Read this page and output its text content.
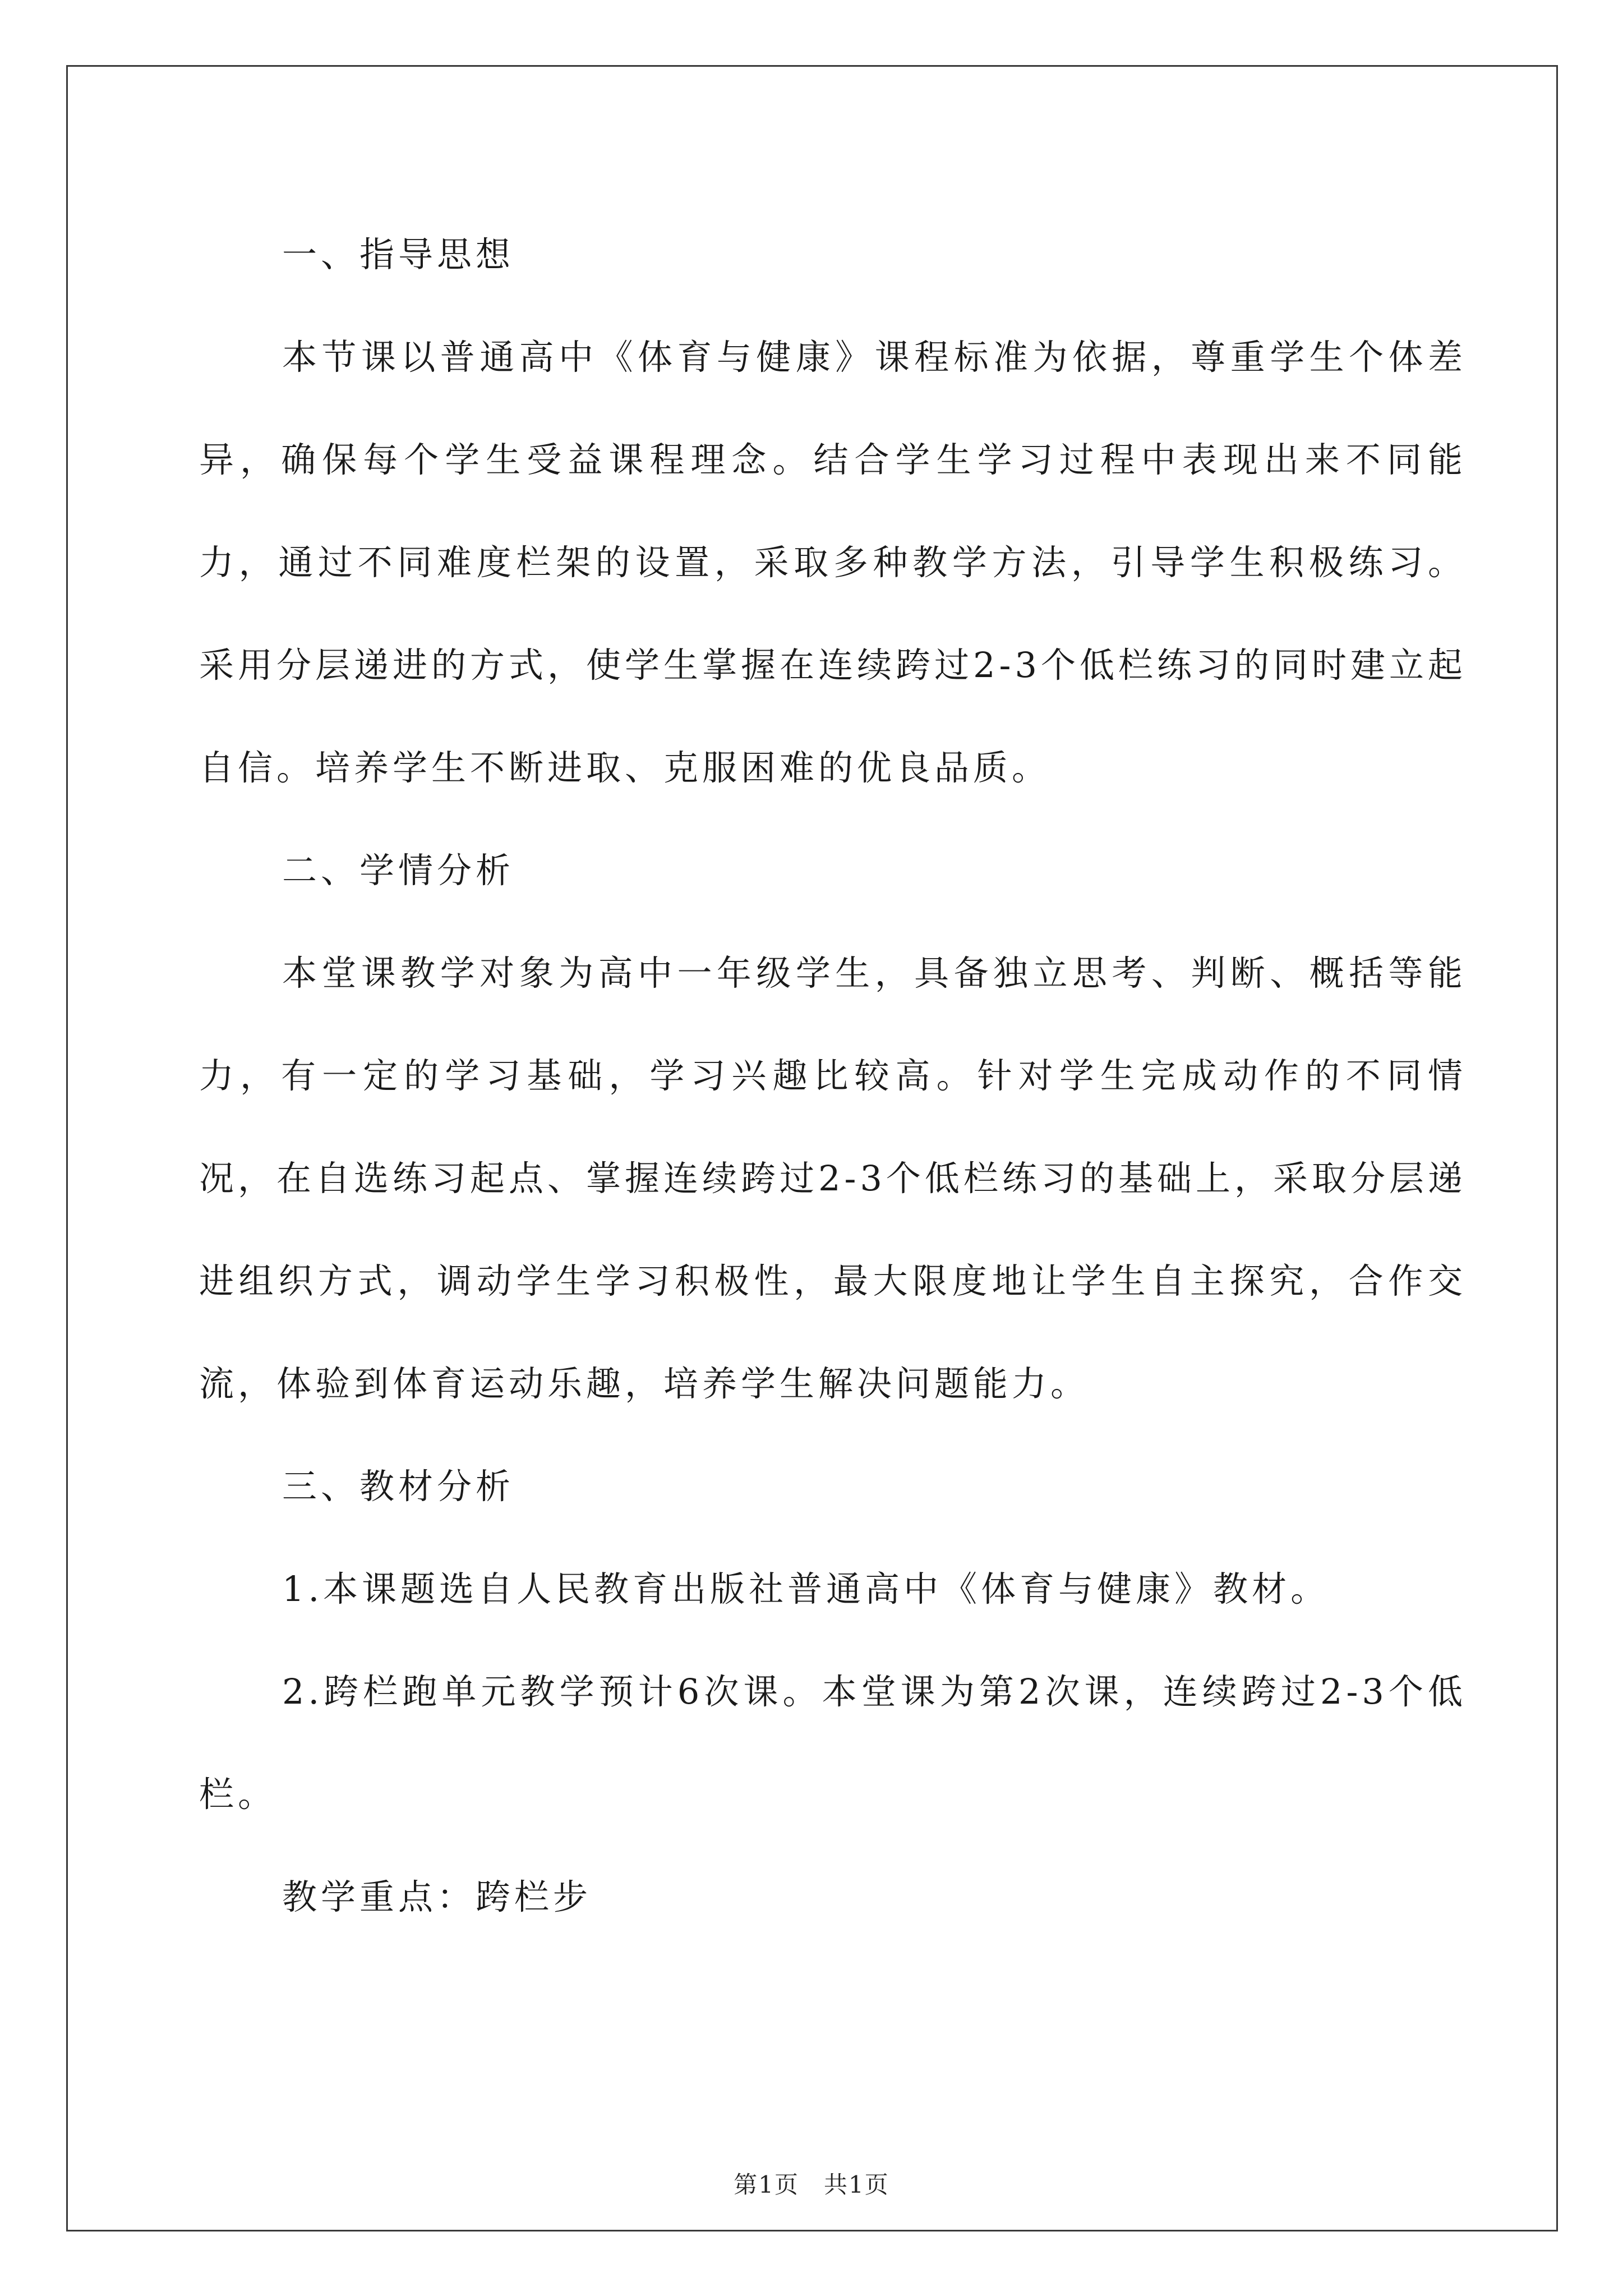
一、指导思想

本节课以普通高中《体育与健康》课程标准为依据，尊重学生个体差异，确保每个学生受益课程理念。结合学生学习过程中表现出来不同能力，通过不同难度栏架的设置，采取多种教学方法，引导学生积极练习。采用分层递进的方式，使学生掌握在连续跨过2-3个低栏练习的同时建立起自信。培养学生不断进取、克服困难的优良品质。

二、学情分析

本堂课教学对象为高中一年级学生，具备独立思考、判断、概括等能力，有一定的学习基础，学习兴趣比较高。针对学生完成动作的不同情况，在自选练习起点、掌握连续跨过2-3个低栏练习的基础上，采取分层递进组织方式，调动学生学习积极性，最大限度地让学生自主探究，合作交流，体验到体育运动乐趣，培养学生解决问题能力。

三、教材分析

1.本课题选自人民教育出版社普通高中《体育与健康》教材。

2.跨栏跑单元教学预计6次课。本堂课为第2次课，连续跨过2-3个低栏。

教学重点：跨栏步

第1页　共1页
